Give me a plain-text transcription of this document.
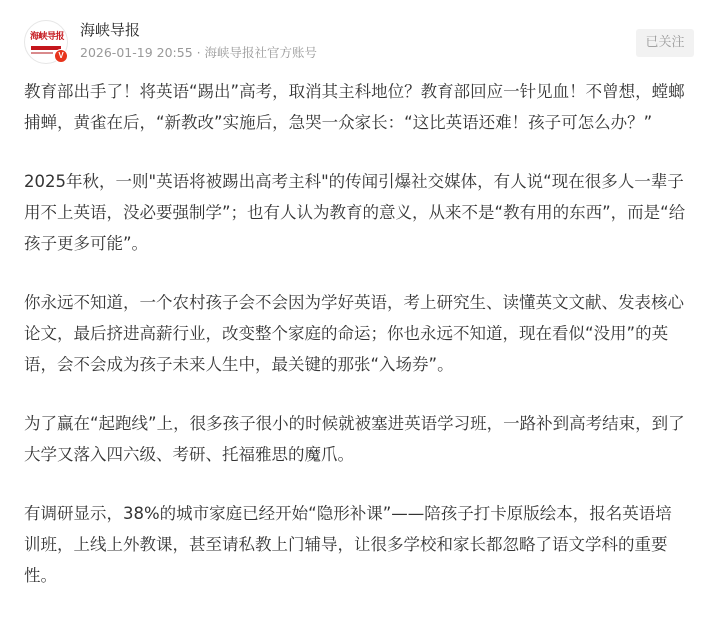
海峡导报
V
海峡导报
2026-01-19 20:55 · 海峡导报社官方账号
已关注

教育部出手了！将英语“踢出”高考，取消其主科地位？教育部回应一针见血！不曾想，螳螂捕蝉，黄雀在后，“新教改”实施后，急哭一众家长：“这比英语还难！孩子可怎么办？”

2025年秋，一则"英语将被踢出高考主科"的传闻引爆社交媒体，有人说“现在很多人一辈子用不上英语，没必要强制学”；也有人认为教育的意义，从来不是“教有用的东西”，而是“给孩子更多可能”。

你永远不知道，一个农村孩子会不会因为学好英语，考上研究生、读懂英文文献、发表核心论文，最后挤进高薪行业，改变整个家庭的命运；你也永远不知道，现在看似“没用”的英语，会不会成为孩子未来人生中，最关键的那张“入场券”。

为了赢在“起跑线”上，很多孩子很小的时候就被塞进英语学习班，一路补到高考结束，到了大学又落入四六级、考研、托福雅思的魔爪。

有调研显示，38%的城市家庭已经开始“隐形补课”——陪孩子打卡原版绘本，报名英语培训班，上线上外教课，甚至请私教上门辅导，让很多学校和家长都忽略了语文学科的重要性。
